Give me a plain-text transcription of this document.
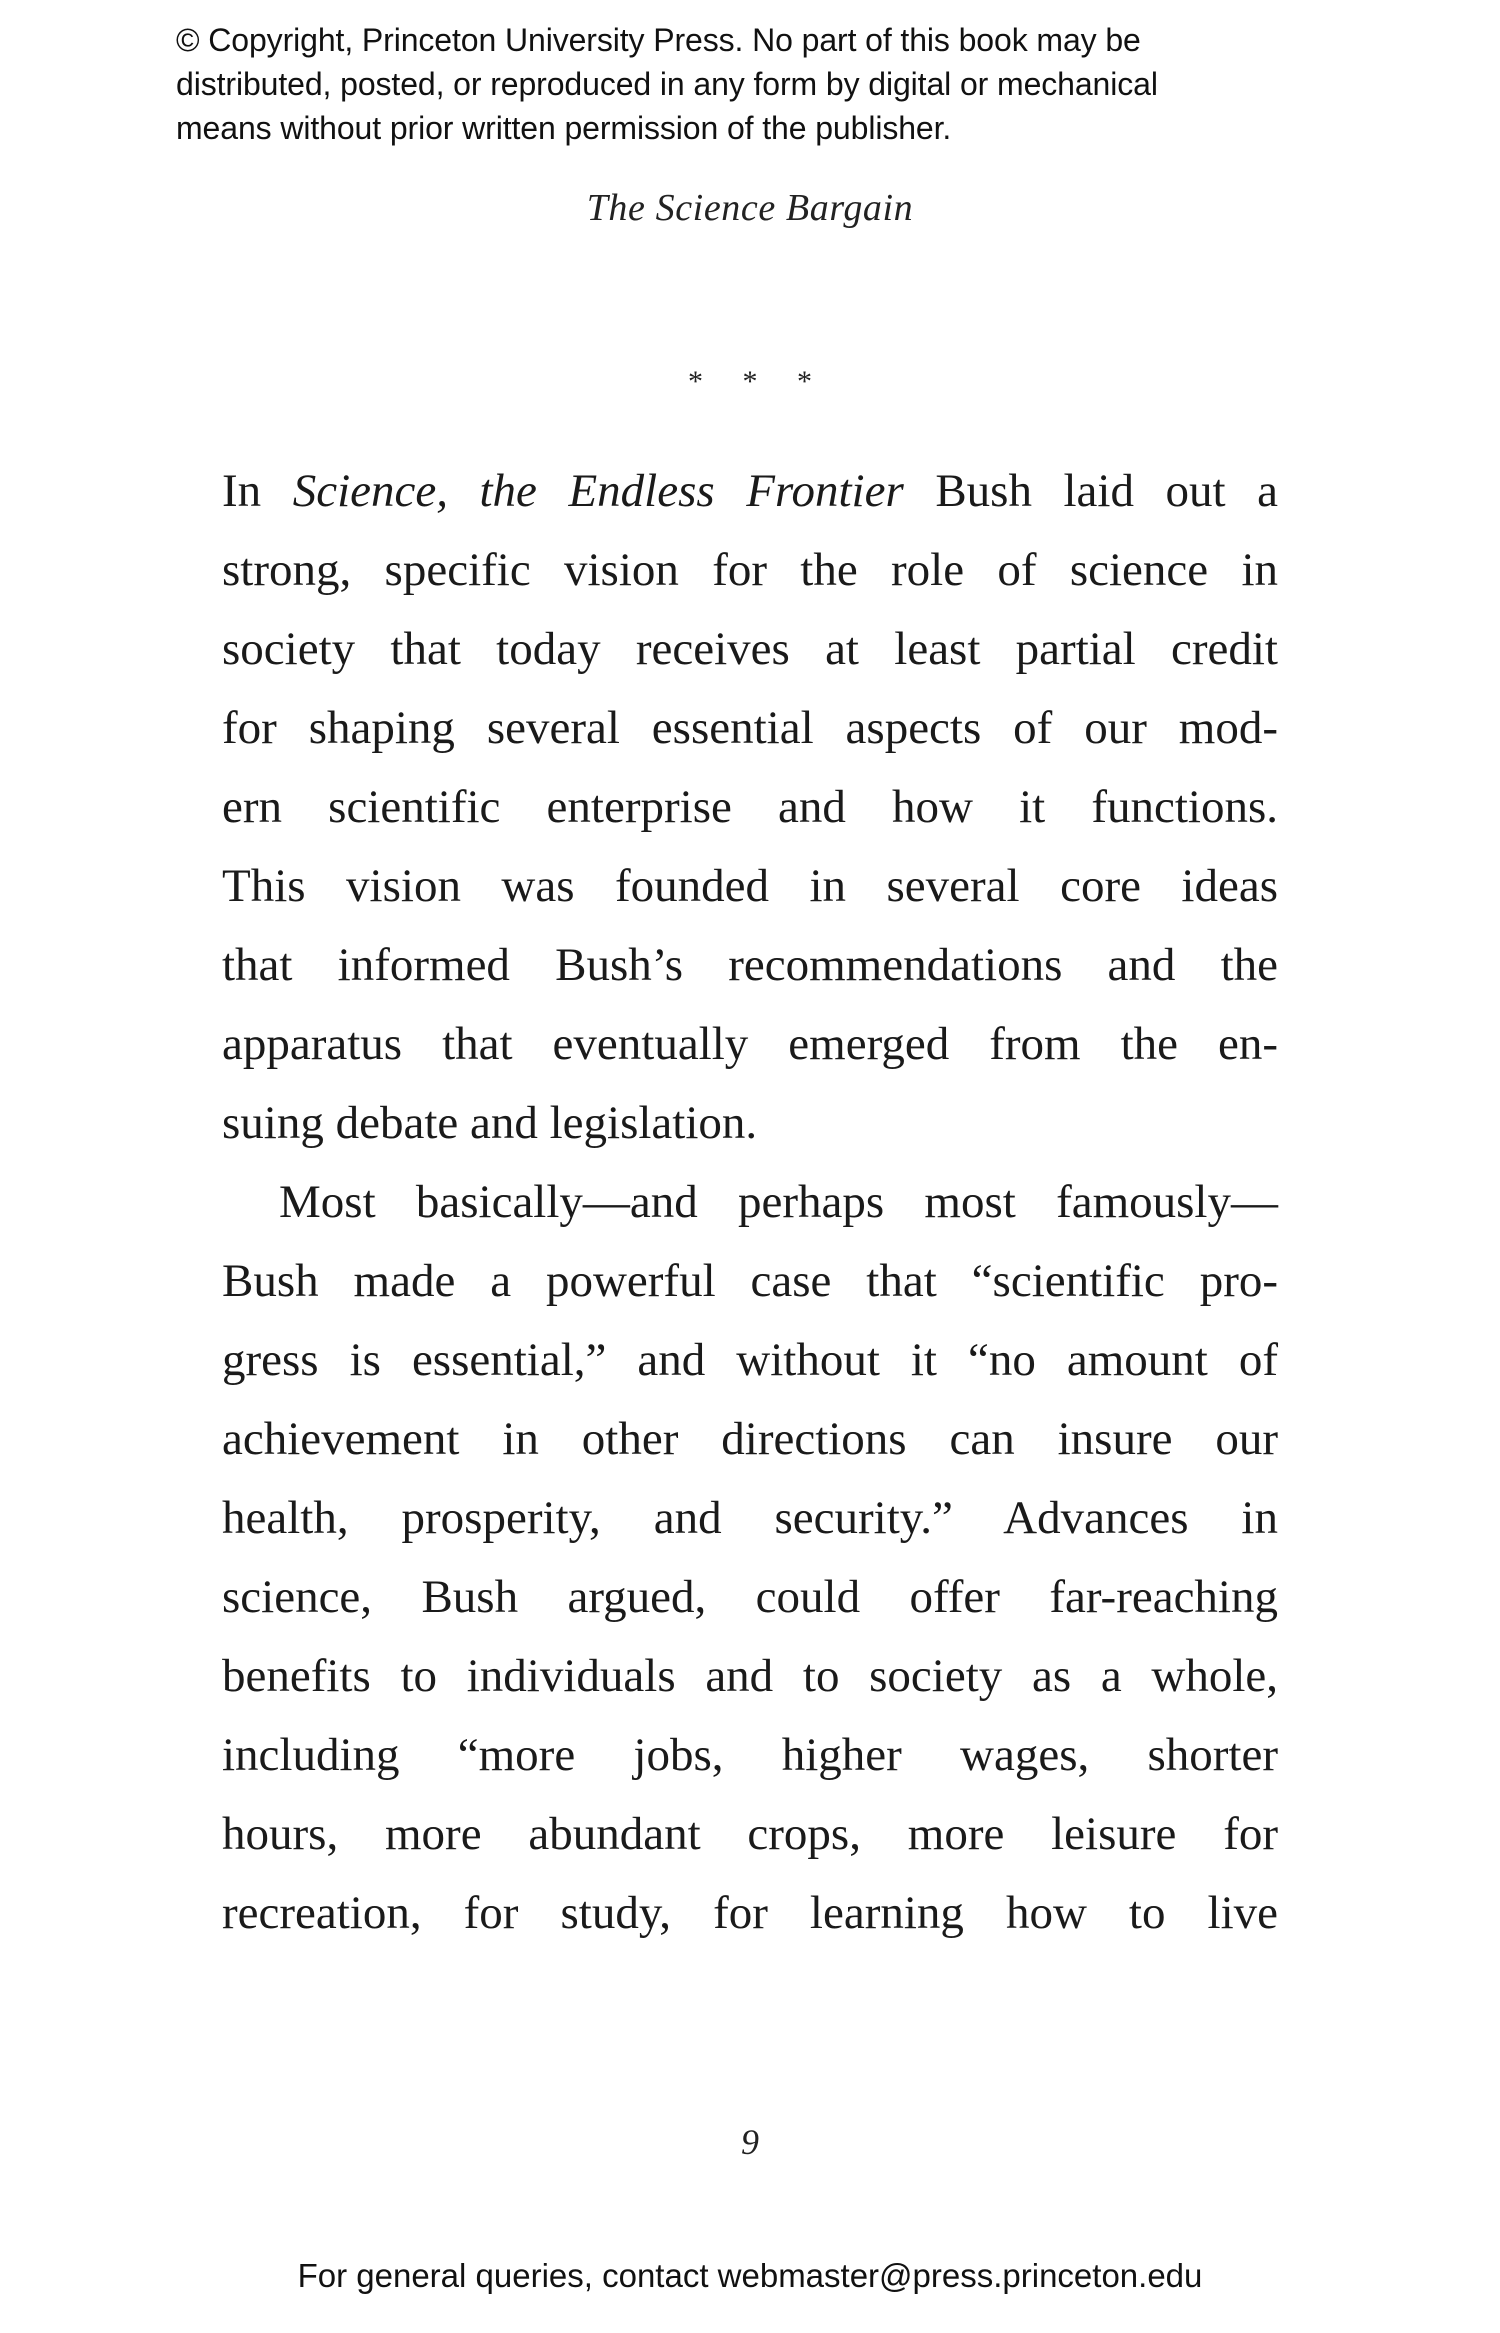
© Copyright, Princeton University Press. No part of this book may be
distributed, posted, or reproduced in any form by digital or mechanical
means without prior written permission of the publisher.
The Science Bargain
* * *
In Science, the Endless Frontier Bush laid out a
strong, specific vision for the role of science in
society that today receives at least partial credit
for shaping several essential aspects of our mod-
ern scientific enterprise and how it functions.
This vision was founded in several core ideas
that informed Bush’s recommendations and the
apparatus that eventually emerged from the en-
suing debate and legislation.
Most basically—and perhaps most famously—
Bush made a powerful case that “scientific pro-
gress is essential,” and without it “no amount of
achievement in other directions can insure our
health, prosperity, and security.” Advances in
science, Bush argued, could offer far-reaching
benefits to individuals and to society as a whole,
including “more jobs, higher wages, shorter
hours, more abundant crops, more leisure for
recreation, for study, for learning how to live
9
For general queries, contact webmaster@press.princeton.edu
